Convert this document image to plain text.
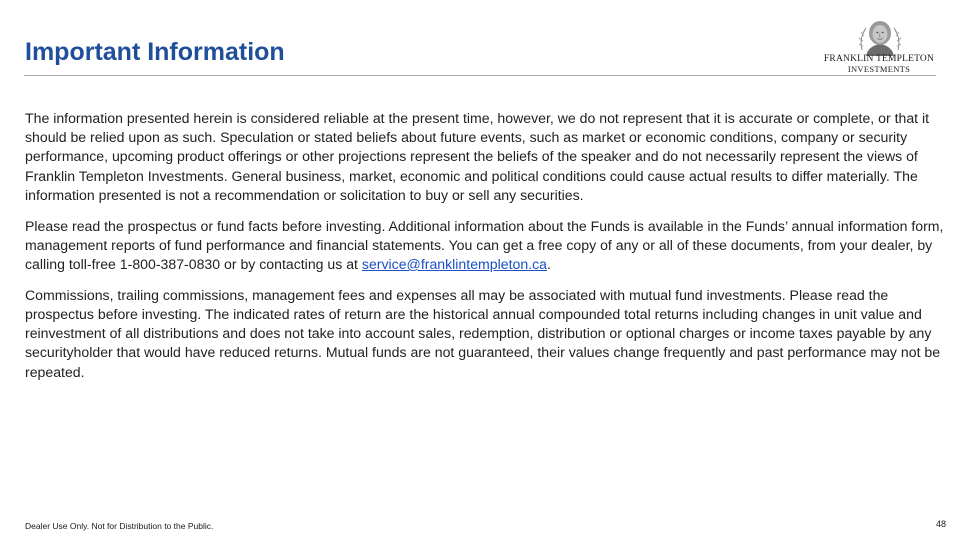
Important Information	FRANKLIN TEMPLETON
INVESTMENTS

The information presented herein is considered reliable at the present time, however, we do not represent that it is accurate or complete, or that it should be relied upon as such. Speculation or stated beliefs about future events, such as market or economic conditions, company or security performance, upcoming product offerings or other projections represent the beliefs of the speaker and do not necessarily represent the views of Franklin Templeton Investments. General business, market, economic and political conditions could cause actual results to differ materially. The information presented is not a recommendation or solicitation to buy or sell any securities.

Please read the prospectus or fund facts before investing. Additional information about the Funds is available in the Funds’ annual information form, management reports of fund performance and financial statements. You can get a free copy of any or all of these documents, from your dealer, by calling toll-free 1-800-387-0830 or by contacting us at service@franklintempleton.ca.

Commissions, trailing commissions, management fees and expenses all may be associated with mutual fund investments. Please read the prospectus before investing. The indicated rates of return are the historical annual compounded total returns including changes in unit value and reinvestment of all distributions and does not take into account sales, redemption, distribution or optional charges or income taxes payable by any securityholder that would have reduced returns. Mutual funds are not guaranteed, their values change frequently and past performance may not be repeated.

Dealer Use Only. Not for Distribution to the Public.	48
